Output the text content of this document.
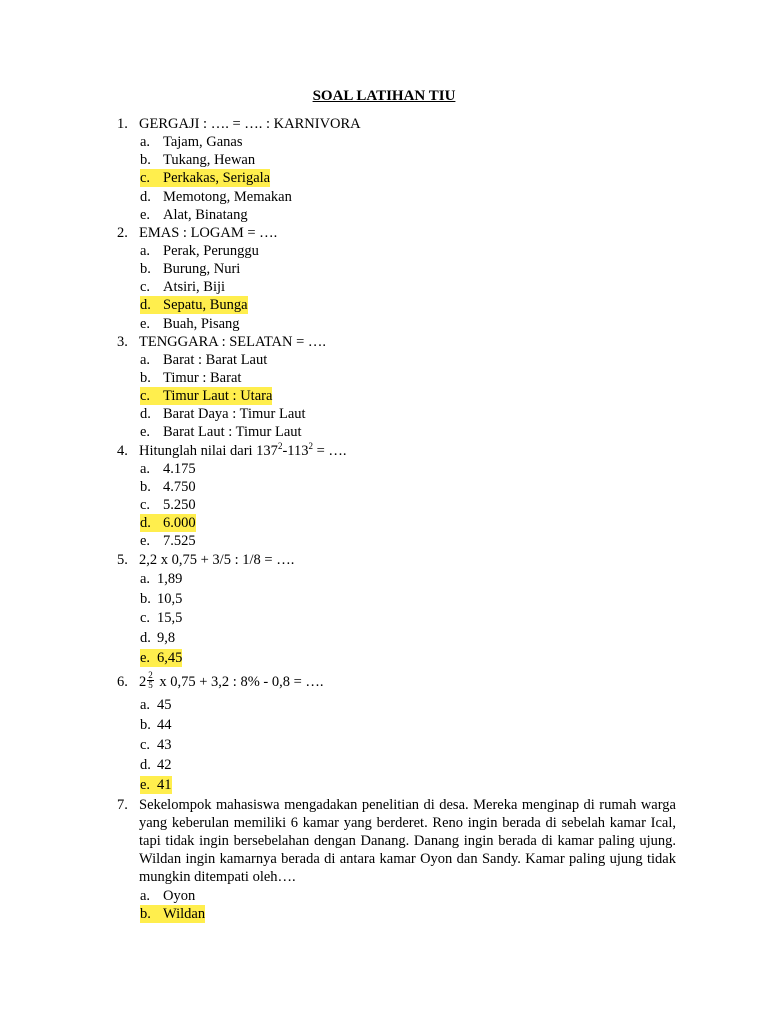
SOAL LATIHAN TIU
1. GERGAJI : …. = …. : KARNIVORA
a. Tajam, Ganas
b. Tukang, Hewan
c. Perkakas, Serigala
d. Memotong, Memakan
e. Alat, Binatang
2. EMAS : LOGAM = ….
a. Perak, Perunggu
b. Burung, Nuri
c. Atsiri, Biji
d. Sepatu, Bunga
e. Buah, Pisang
3. TENGGARA : SELATAN = ….
a. Barat : Barat Laut
b. Timur : Barat
c. Timur Laut : Utara
d. Barat Daya : Timur Laut
e. Barat Laut : Timur Laut
4. Hitunglah nilai dari $137^2-113^2$ = ….
a. 4.175
b. 4.750
c. 5.250
d. 6.000
e. 7.525
5. 2,2 x 0,75 + 3/5 : 1/8 = ….
a. 1,89
b. 10,5
c. 15,5
d. 9,8
e. 6,45
6. $2 \frac{2}{5}$ x 0,75 + 3,2 : 8% - 0,8 = ….
a. 45
b. 44
c. 43
d. 42
e. 41
7. Sekelompok mahasiswa mengadakan penelitian di desa. Mereka menginap di rumah warga yang keberulan memiliki 6 kamar yang berderet. Reno ingin berada di sebelah kamar Ical, tapi tidak ingin bersebelahan dengan Danang. Danang ingin berada di kamar paling ujung. Wildan ingin kamarnya berada di antara kamar Oyon dan Sandy. Kamar paling ujung tidak mungkin ditempati oleh….
a. Oyon
b. Wildan
